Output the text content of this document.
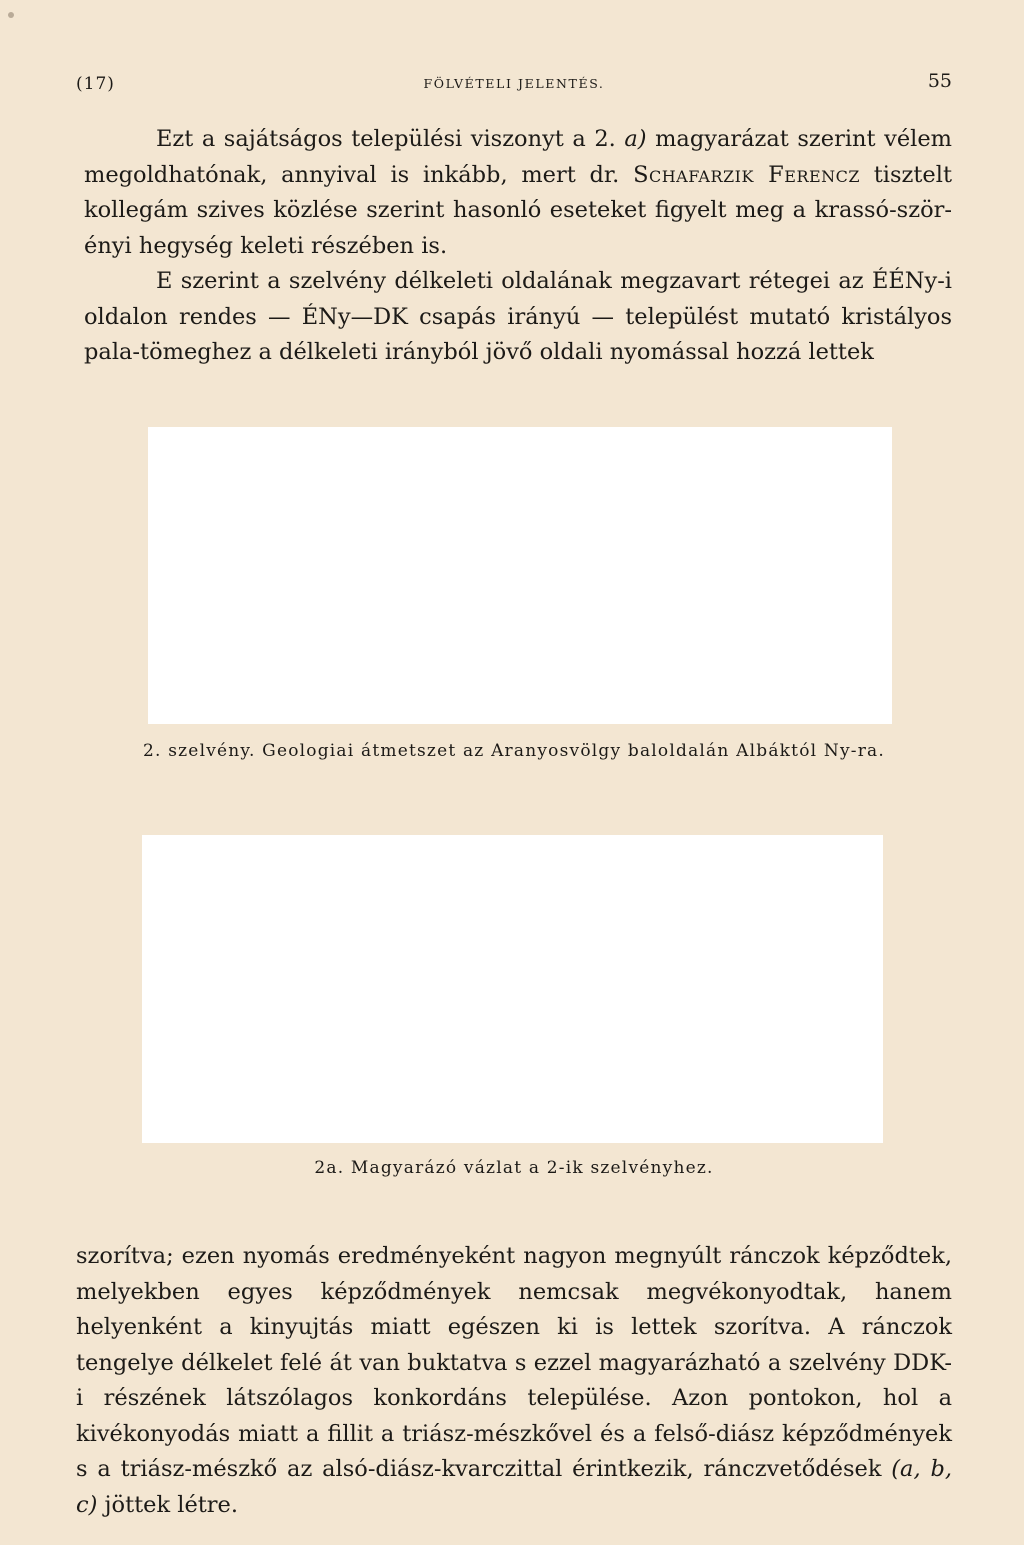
(17)	FÖLVÉTELI JELENTÉS.	55
Ezt a sajátságos települési viszonyt a 2. a) magyarázat szerint vélem megoldhatónak, annyival is inkább, mert dr. Schafarzik Ferencz tisztelt kollegám szives közlése szerint hasonló eseteket figyelt meg a krassó-szörényi hegység keleti részében is.
E szerint a szelvény délkeleti oldalának megzavart rétegei az ÉÉNy-i oldalon rendes — ÉNy—DK csapás irányú — települést mutató kristályos pala-tömeghez a délkeleti irányból jövő oldali nyomással hozzá lettek

2. szelvény. Geologiai átmetszet az Aranyosvölgy baloldalán Albáktól Ny-ra.

2a. Magyarázó vázlat a 2-ik szelvényhez.

szorítva; ezen nyomás eredményeként nagyon megnyúlt ránczok képződtek, melyekben egyes képződmények nemcsak megvékonyodtak, hanem helyenként a kinyujtás miatt egészen ki is lettek szorítva. A ránczok tengelye délkelet felé át van buktatva s ezzel magyarázható a szelvény DDK-i részének látszólagos konkordáns települése. Azon pontokon, hol a kivékonyodás miatt a fillit a triász-mészkővel és a felső-diász képződmények s a triász-mészkő az alsó-diász-kvarczittal érintkezik, ránczvetődések (a, b, c) jöttek létre.
